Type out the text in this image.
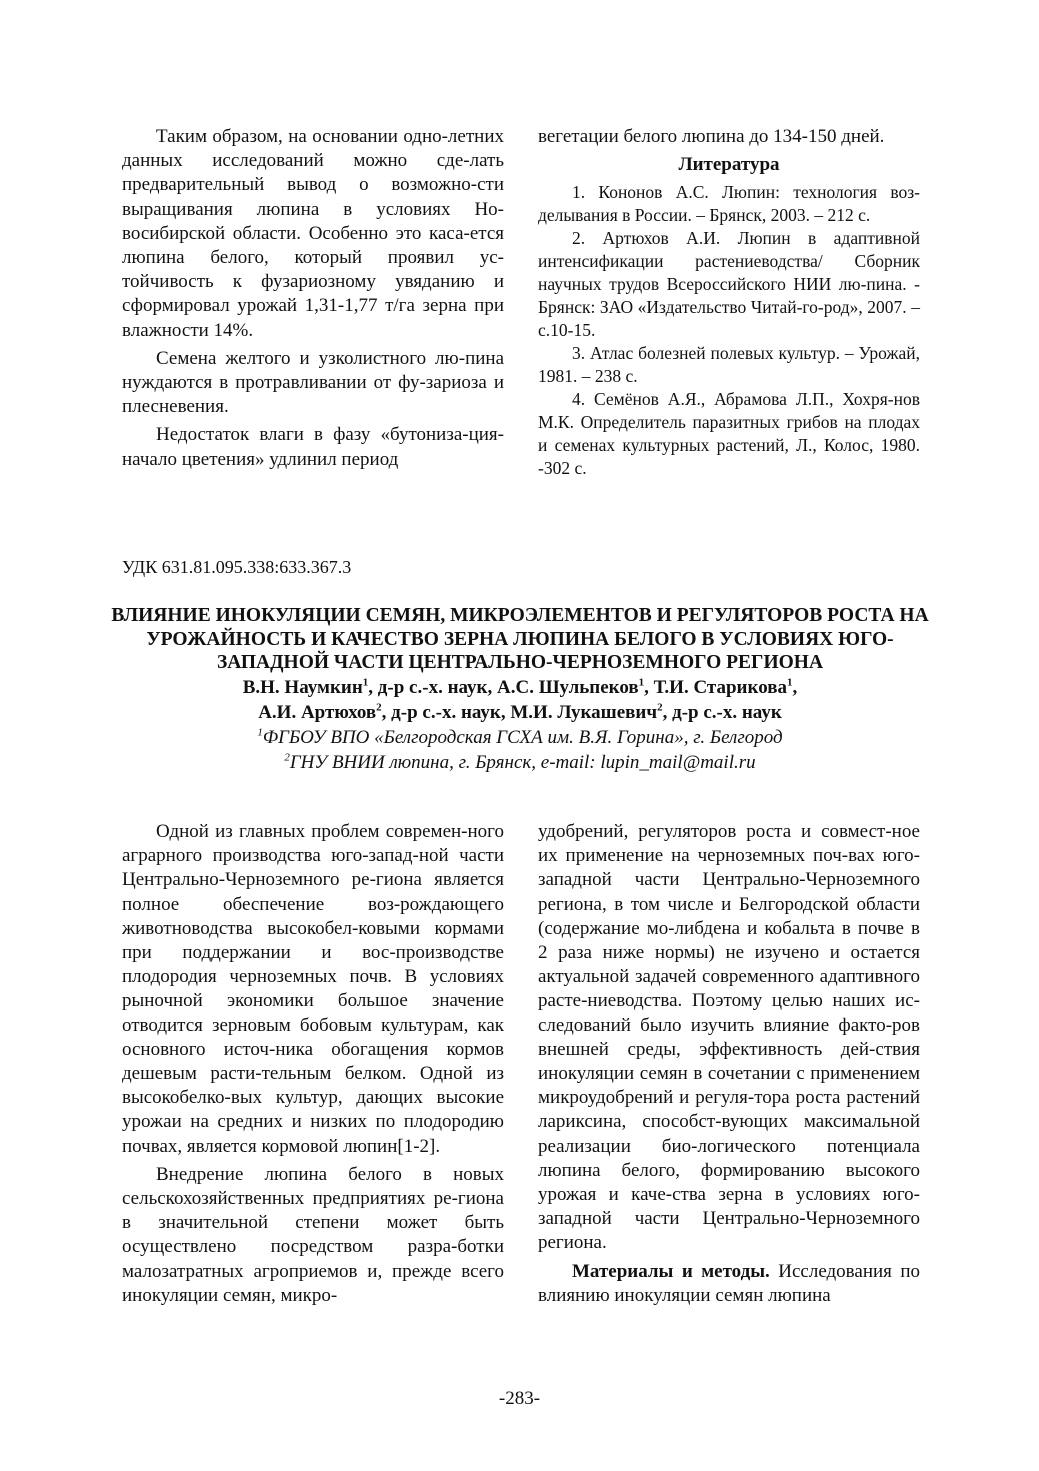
Таким образом, на основании одно-летних данных исследований можно сде-лать предварительный вывод о возможно-сти выращивания люпина в условиях Но-восибирской области. Особенно это каса-ется люпина белого, который проявил ус-тойчивость к фузариозному увяданию и сформировал урожай 1,31-1,77 т/га зерна при влажности 14%.

Семена желтого и узколистного лю-пина нуждаются в протравливании от фу-зариоза и плесневения.

Недостаток влаги в фазу «бутониза-ция-начало цветения» удлинил период

вегетации белого люпина до 134-150 дней.

Литература

1. Кононов А.С. Люпин: технология воз-делывания в России. – Брянск, 2003. – 212 с.

2. Артюхов А.И. Люпин в адаптивной интенсификации растениеводства/ Сборник научных трудов Всероссийского НИИ лю-пина. - Брянск: ЗАО «Издательство Читай-го-род», 2007. – с.10-15.

3. Атлас болезней полевых культур. – Урожай, 1981. – 238 с.

4. Семёнов А.Я., Абрамова Л.П., Хохря-нов М.К. Определитель паразитных грибов на плодах и семенах культурных растений, Л., Колос, 1980. -302 с.

УДК 631.81.095.338:633.367.3

ВЛИЯНИЕ ИНОКУЛЯЦИИ СЕМЯН, МИКРОЭЛЕМЕНТОВ И РЕГУЛЯТОРОВ РОСТА НА УРОЖАЙНОСТЬ И КАЧЕСТВО ЗЕРНА ЛЮПИНА БЕЛОГО В УСЛОВИЯХ ЮГО-ЗАПАДНОЙ ЧАСТИ ЦЕНТРАЛЬНО-ЧЕРНОЗЕМНОГО РЕГИОНА

В.Н. Наумкин$^1$, д-р с.-х. наук, А.С. Шульпеков$^1$, Т.И. Старикова$^1$,

А.И. Артюхов$^2$, д-р с.-х. наук, М.И. Лукашевич$^2$, д-р с.-х. наук

$^1$ФГБОУ ВПО «Белгородская ГСХА им. В.Я. Горина», г. Белгород

$^2$ГНУ ВНИИ люпина, г. Брянск, e-mail: lupin_mail@mail.ru

Одной из главных проблем современ-ного аграрного производства юго-запад-ной части Центрально-Черноземного ре-гиона является полное обеспечение воз-рождающего животноводства высокобел-ковыми кормами при поддержании и вос-производстве плодородия черноземных почв. В условиях рыночной экономики большое значение отводится зерновым бобовым культурам, как основного источ-ника обогащения кормов дешевым расти-тельным белком. Одной из высокобелко-вых культур, дающих высокие урожаи на средних и низких по плодородию почвах, является кормовой люпин[1-2].

Внедрение люпина белого в новых сельскохозяйственных предприятиях ре-гиона в значительной степени может быть осуществлено посредством разра-ботки малозатратных агроприемов и, прежде всего инокуляции семян, микро-

удобрений, регуляторов роста и совмест-ное их применение на черноземных поч-вах юго-западной части Центрально-Черноземного региона, в том числе и Белгородской области (содержание мо-либдена и кобальта в почве в 2 раза ниже нормы) не изучено и остается актуальной задачей современного адаптивного расте-ниеводства. Поэтому целью наших ис-следований было изучить влияние факто-ров внешней среды, эффективность дей-ствия инокуляции семян в сочетании с применением микроудобрений и регуля-тора роста растений лариксина, способст-вующих максимальной реализации био-логического потенциала люпина белого, формированию высокого урожая и каче-ства зерна в условиях юго-западной части Центрально-Черноземного региона.

Материалы и методы. Исследования по влиянию инокуляции семян люпина

-283-
